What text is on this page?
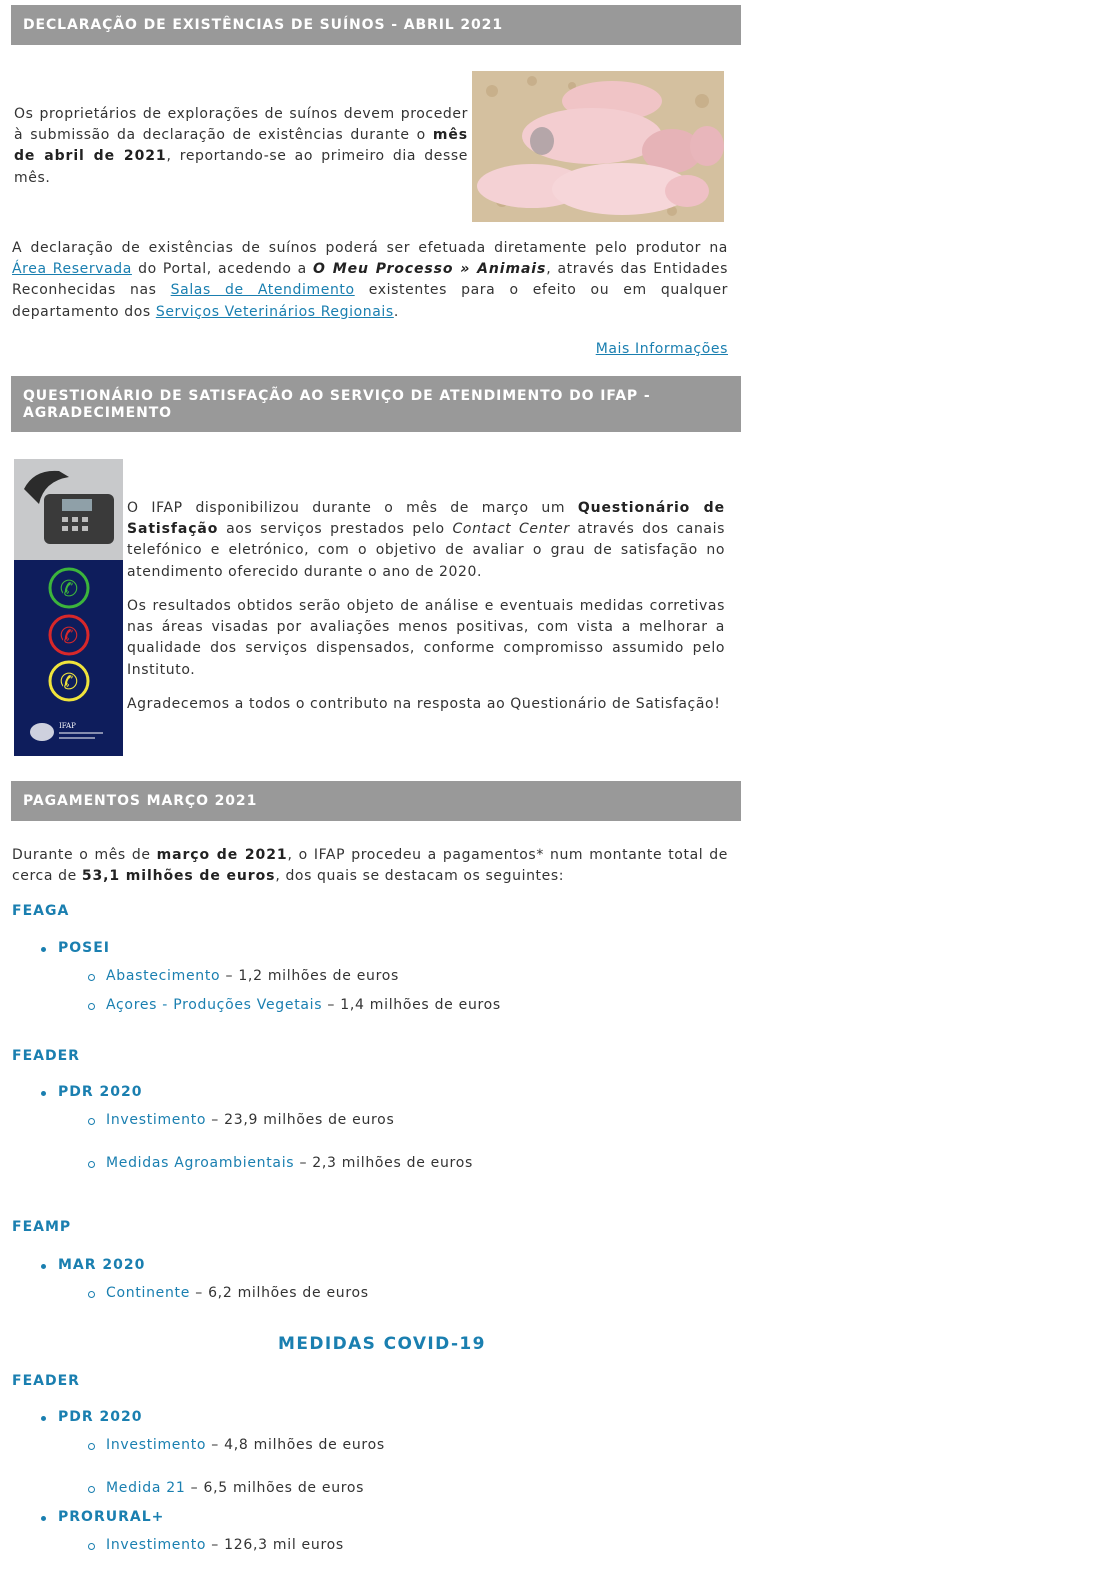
DECLARAÇÃO DE EXISTÊNCIAS DE SUÍNOS - ABRIL 2021
Os proprietários de explorações de suínos devem proceder à submissão da declaração de existências durante o mês de abril de 2021, reportando-se ao primeiro dia desse mês.
A declaração de existências de suínos poderá ser efetuada diretamente pelo produtor na Área Reservada do Portal, acedendo a O Meu Processo » Animais, através das Entidades Reconhecidas nas Salas de Atendimento existentes para o efeito ou em qualquer departamento dos Serviços Veterinários Regionais.
Mais Informações
QUESTIONÁRIO DE SATISFAÇÃO AO SERVIÇO DE ATENDIMENTO DO IFAP - AGRADECIMENTO
✆
✆
✆
IFAP
O IFAP disponibilizou durante o mês de março um Questionário de Satisfação aos serviços prestados pelo Contact Center através dos canais telefónico e eletrónico, com o objetivo de avaliar o grau de satisfação no atendimento oferecido durante o ano de 2020.
Os resultados obtidos serão objeto de análise e eventuais medidas corretivas nas áreas visadas por avaliações menos positivas, com vista a melhorar a qualidade dos serviços dispensados, conforme compromisso assumido pelo Instituto.
Agradecemos a todos o contributo na resposta ao Questionário de Satisfação!
PAGAMENTOS MARÇO 2021
Durante o mês de março de 2021, o IFAP procedeu a pagamentos* num montante total de cerca de 53,1 milhões de euros, dos quais se destacam os seguintes:
FEAGA
POSEI
Abastecimento – 1,2 milhões de euros
Açores - Produções Vegetais – 1,4 milhões de euros
FEADER
PDR 2020
Investimento – 23,9 milhões de euros
Medidas Agroambientais – 2,3 milhões de euros
FEAMP
MAR 2020
Continente – 6,2 milhões de euros
MEDIDAS COVID-19
FEADER
PDR 2020
Investimento – 4,8 milhões de euros
Medida 21 – 6,5 milhões de euros
PRORURAL+
Investimento – 126,3 mil euros
